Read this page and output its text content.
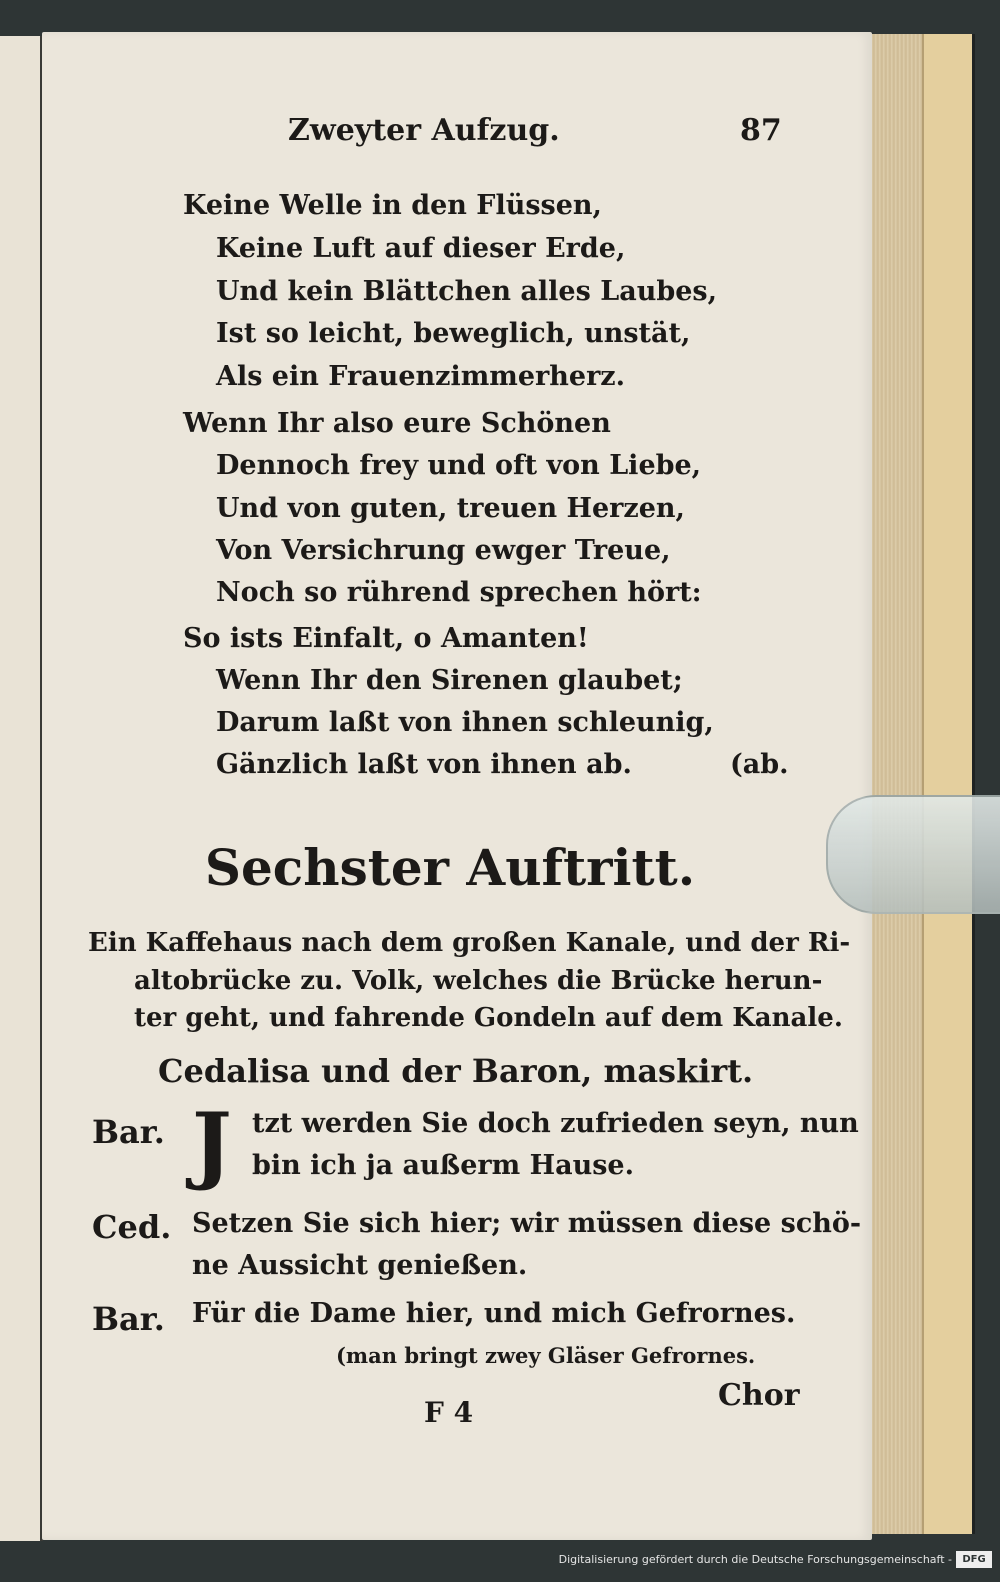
Zweyter Aufzug.	87
Keine Welle in den Flüssen,
Keine Luft auf dieser Erde,
Und kein Blättchen alles Laubes,
Ist so leicht, beweglich, unstät,
Als ein Frauenzimmerherz.
Wenn Ihr also eure Schönen
Dennoch frey und oft von Liebe,
Und von guten, treuen Herzen,
Von Versichrung ewger Treue,
Noch so rührend sprechen hört:
So ists Einfalt, o Amanten!
Wenn Ihr den Sirenen glaubet;
Darum laßt von ihnen schleunig,
Gänzlich laßt von ihnen ab.	(ab.
Sechster Auftritt.
Ein Kaffehaus nach dem großen Kanale, und der Ri-
altobrücke zu. Volk, welches die Brücke herun-
ter geht, und fahrende Gondeln auf dem Kanale.
Cedalisa und der Baron, maskirt.
Bar. J tzt werden Sie doch zufrieden seyn, nun
bin ich ja außerm Hause.
Ced. Setzen Sie sich hier; wir müssen diese schö-
ne Aussicht genießen.
Bar. Für die Dame hier, und mich Gefrornes.
(man bringt zwey Gläser Gefrornes.
F 4	Chor
Digitalisierung gefördert durch die Deutsche Forschungsgemeinschaft -	DFG
